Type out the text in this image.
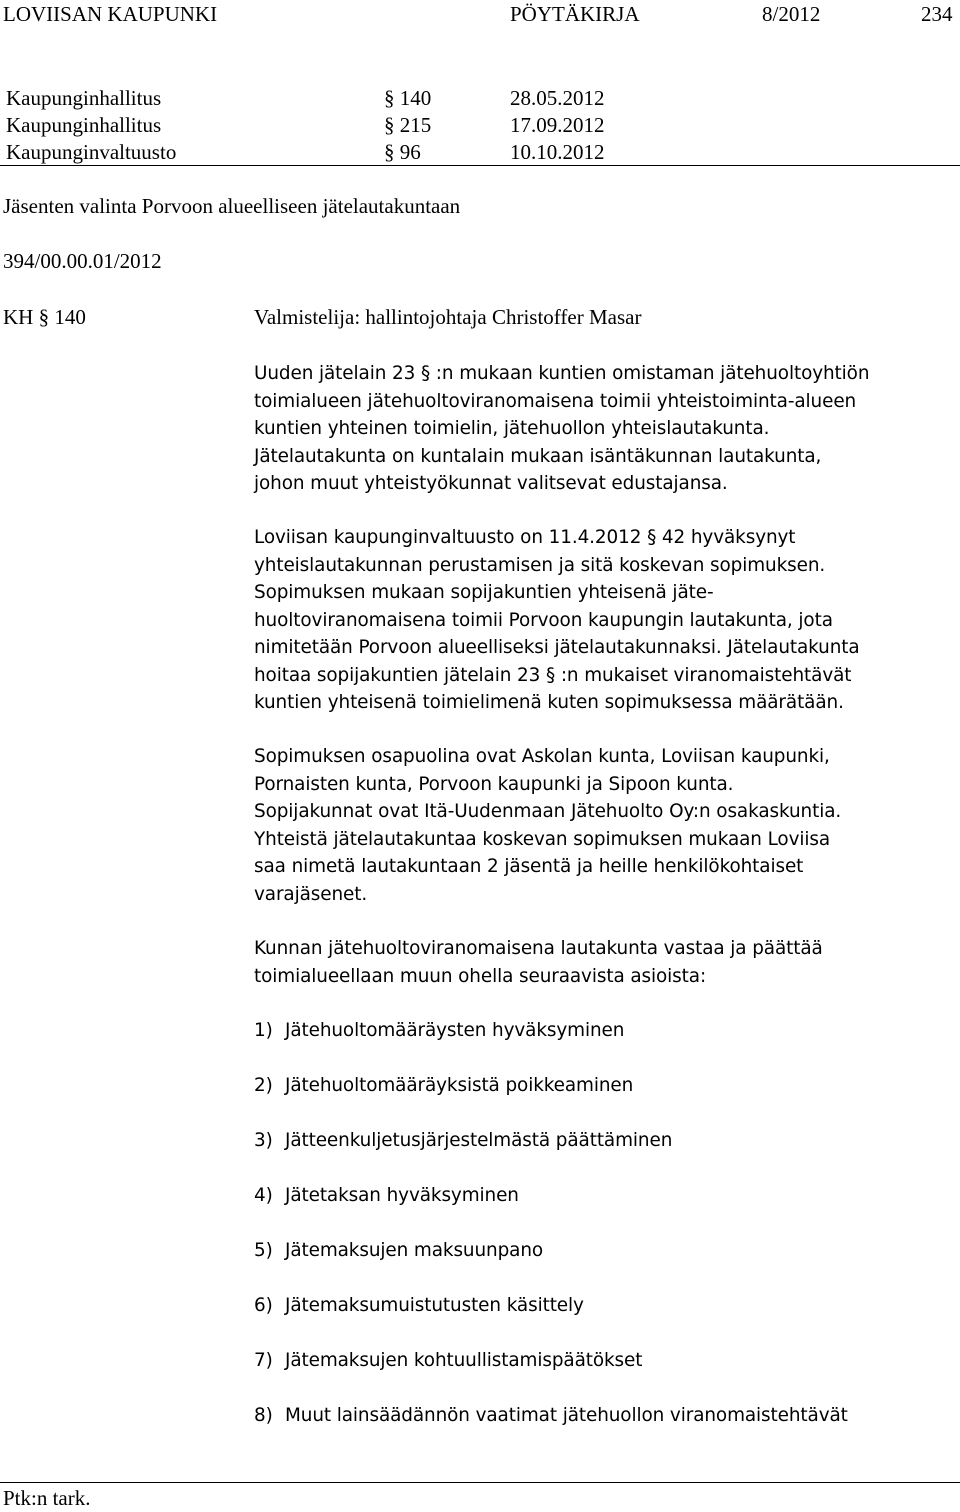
LOVIISAN KAUPUNKI	PÖYTÄKIRJA	8/2012	234
Kaupunginhallitus	§ 140	28.05.2012
Kaupunginhallitus	§ 215	17.09.2012
Kaupunginvaltuusto	§ 96	10.10.2012
Jäsenten valinta Porvoon alueelliseen jätelautakuntaan
394/00.00.01/2012
KH § 140	Valmistelija: hallintojohtaja Christoffer Masar
Uuden jätelain 23 § :n mukaan kuntien omistaman jätehuoltoyhtiön
toimialueen jätehuoltoviranomaisena toimii yhteistoiminta-alueen
kuntien yhteinen toimielin, jätehuollon yhteislautakunta.
Jätelautakunta on kuntalain mukaan isäntäkunnan lautakunta,
johon muut yhteistyökunnat valitsevat edustajansa.
Loviisan kaupunginvaltuusto on 11.4.2012 § 42 hyväksynyt
yhteislautakunnan perustamisen ja sitä koskevan sopimuksen.
Sopimuksen mukaan sopijakuntien yhteisenä jäte-
huoltoviranomaisena toimii Porvoon kaupungin lautakunta, jota
nimitetään Porvoon alueelliseksi jätelautakunnaksi. Jätelautakunta
hoitaa sopijakuntien jätelain 23 § :n mukaiset viranomaistehtävät
kuntien yhteisenä toimielimenä kuten sopimuksessa määrätään.
Sopimuksen osapuolina ovat Askolan kunta, Loviisan kaupunki,
Pornaisten kunta, Porvoon kaupunki ja Sipoon kunta.
Sopijakunnat ovat Itä-Uudenmaan Jätehuolto Oy:n osakaskuntia.
Yhteistä jätelautakuntaa koskevan sopimuksen mukaan Loviisa
saa nimetä lautakuntaan 2 jäsentä ja heille henkilökohtaiset
varajäsenet.
Kunnan jätehuoltoviranomaisena lautakunta vastaa ja päättää
toimialueellaan muun ohella seuraavista asioista:
1) Jätehuoltomääräysten hyväksyminen
2) Jätehuoltomääräyksistä poikkeaminen
3) Jätteenkuljetusjärjestelmästä päättäminen
4) Jätetaksan hyväksyminen
5) Jätemaksujen maksuunpano
6) Jätemaksumuistutusten käsittely
7) Jätemaksujen kohtuullistamispäätökset
8) Muut lainsäädännön vaatimat jätehuollon viranomaistehtävät
Ptk:n tark.
